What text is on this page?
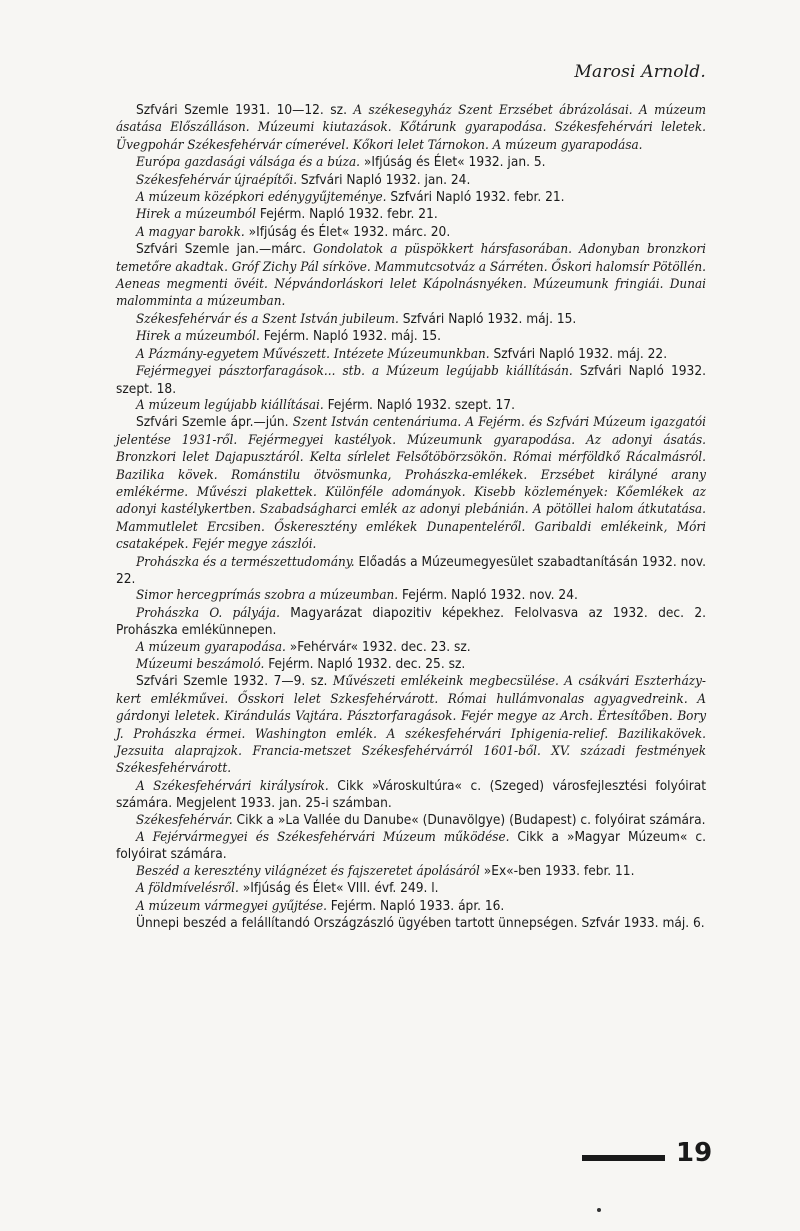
Marosi Arnold.

Szfvári Szemle 1931. 10—12. sz. A székesegyház Szent Erzsébet ábrázolásai. A múzeum ásatása Előszálláson. Múzeumi kiutazások. Kőtárunk gyarapodása. Székesfehérvári leletek. Üvegpohár Székesfehérvár címerével. Kőkori lelet Tárnokon. A múzeum gyarapodása.

Európa gazdasági válsága és a búza. »Ifjúság és Élet« 1932. jan. 5.

Székesfehérvár újraépítői. Szfvári Napló 1932. jan. 24.

A múzeum középkori edénygyűjteménye. Szfvári Napló 1932. febr. 21.

Hirek a múzeumból Fejérm. Napló 1932. febr. 21.

A magyar barokk. »Ifjúság és Élet« 1932. márc. 20.

Szfvári Szemle jan.—márc. Gondolatok a püspökkert hársfasorában. Adonyban bronzkori temetőre akadtak. Gróf Zichy Pál sírköve. Mammutcsotváz a Sárréten. Őskori halomsír Pötöllén. Aeneas megmenti övéit. Népvándorláskori lelet Kápolnásnyéken. Múzeumunk fringiái. Dunai malomminta a múzeumban.

Székesfehérvár és a Szent István jubileum. Szfvári Napló 1932. máj. 15.

Hirek a múzeumból. Fejérm. Napló 1932. máj. 15.

A Pázmány-egyetem Művészett. Intézete Múzeumunkban. Szfvári Napló 1932. máj. 22.

Fejérmegyei pásztorfaragások... stb. a Múzeum legújabb kiállításán. Szfvári Napló 1932. szept. 18.

A múzeum legújabb kiállításai. Fejérm. Napló 1932. szept. 17.

Szfvári Szemle ápr.—jún. Szent István centenáriuma. A Fejérm. és Szfvári Múzeum igazgatói jelentése 1931-ről. Fejérmegyei kastélyok. Múzeumunk gyarapodása. Az adonyi ásatás. Bronzkori lelet Dajapusztáról. Kelta sírlelet Felsőtöbörzsökön. Római mérföldkő Rácalmásról. Bazilika kövek. Románstilu ötvösmunka, Prohászka-emlékek. Erzsébet királyné arany emlékérme. Művészi plakettek. Különféle adományok. Kisebb közlemények: Kőemlékek az adonyi kastélykertben. Szabadságharci emlék az adonyi plebánián. A pötöllei halom átkutatása. Mammutlelet Ercsiben. Őskeresztény emlékek Dunapenteléről. Garibaldi emlékeink, Móri csataképek. Fejér megye zászlói.

Prohászka és a természettudomány. Előadás a Múzeumegyesület szabadtanításán 1932. nov. 22.

Simor hercegprímás szobra a múzeumban. Fejérm. Napló 1932. nov. 24.

Prohászka O. pályája. Magyarázat diapozitiv képekhez. Felolvasva az 1932. dec. 2. Prohászka emlékünnepen.

A múzeum gyarapodása. »Fehérvár« 1932. dec. 23. sz.

Múzeumi beszámoló. Fejérm. Napló 1932. dec. 25. sz.

Szfvári Szemle 1932. 7—9. sz. Művészeti emlékeink megbecsülése. A csákvári Eszterházy-kert emlékművei. Ősskori lelet Szkesfehérvárott. Római hullámvonalas agyagvedreink. A gárdonyi leletek. Kirándulás Vajtára. Pásztorfaragások. Fejér megye az Arch. Értesítőben. Bory J. Prohászka érmei. Washington emlék. A székesfehérvári Iphigenia-relief. Bazilikakövek. Jezsuita alaprajzok. Francia-metszet Székesfehérvárról 1601-ből. XV. századi festmények Székesfehérvárott.

A Székesfehérvári királysírok. Cikk »Városkultúra« c. (Szeged) városfejlesztési folyóirat számára. Megjelent 1933. jan. 25-i számban.

Székesfehérvár. Cikk a »La Vallée du Danube« (Dunavölgye) (Budapest) c. folyóirat számára.

A Fejérvármegyei és Székesfehérvári Múzeum működése. Cikk a »Magyar Múzeum« c. folyóirat számára.

Beszéd a keresztény világnézet és fajszeretet ápolásáról »Ex«-ben 1933. febr. 11.

A földmívelésről. »Ifjúság és Élet« VIII. évf. 249. l.

A múzeum vármegyei gyűjtése. Fejérm. Napló 1933. ápr. 16.

Ünnepi beszéd a felállítandó Országzászló ügyében tartott ünnepségen. Szfvár 1933. máj. 6.

19
